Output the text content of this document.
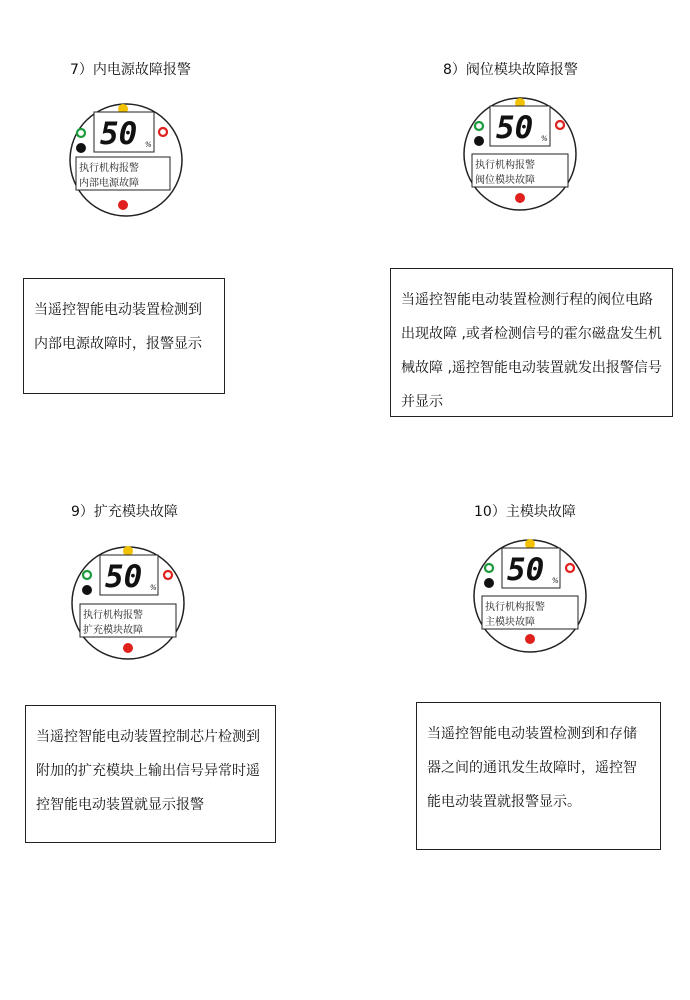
7）内电源故障报警
50 %
执行机构报警
内部电源故障
当遥控智能电动装置检测到内部电源故障时，报警显示
8）阀位模块故障报警
50 %
执行机构报警
阀位模块故障
当遥控智能电动装置检测行程的阀位电路出现故障 ,或者检测信号的霍尔磁盘发生机械故障 ,遥控智能电动装置就发出报警信号并显示
9）扩充模块故障
50 %
执行机构报警
扩充模块故障
当遥控智能电动装置控制芯片检测到附加的扩充模块上输出信号异常时遥控智能电动装置就显示报警
10）主模块故障
50 %
执行机构报警
主模块故障
当遥控智能电动装置检测到和存储器之间的通讯发生故障时，遥控智能电动装置就报警显示。
